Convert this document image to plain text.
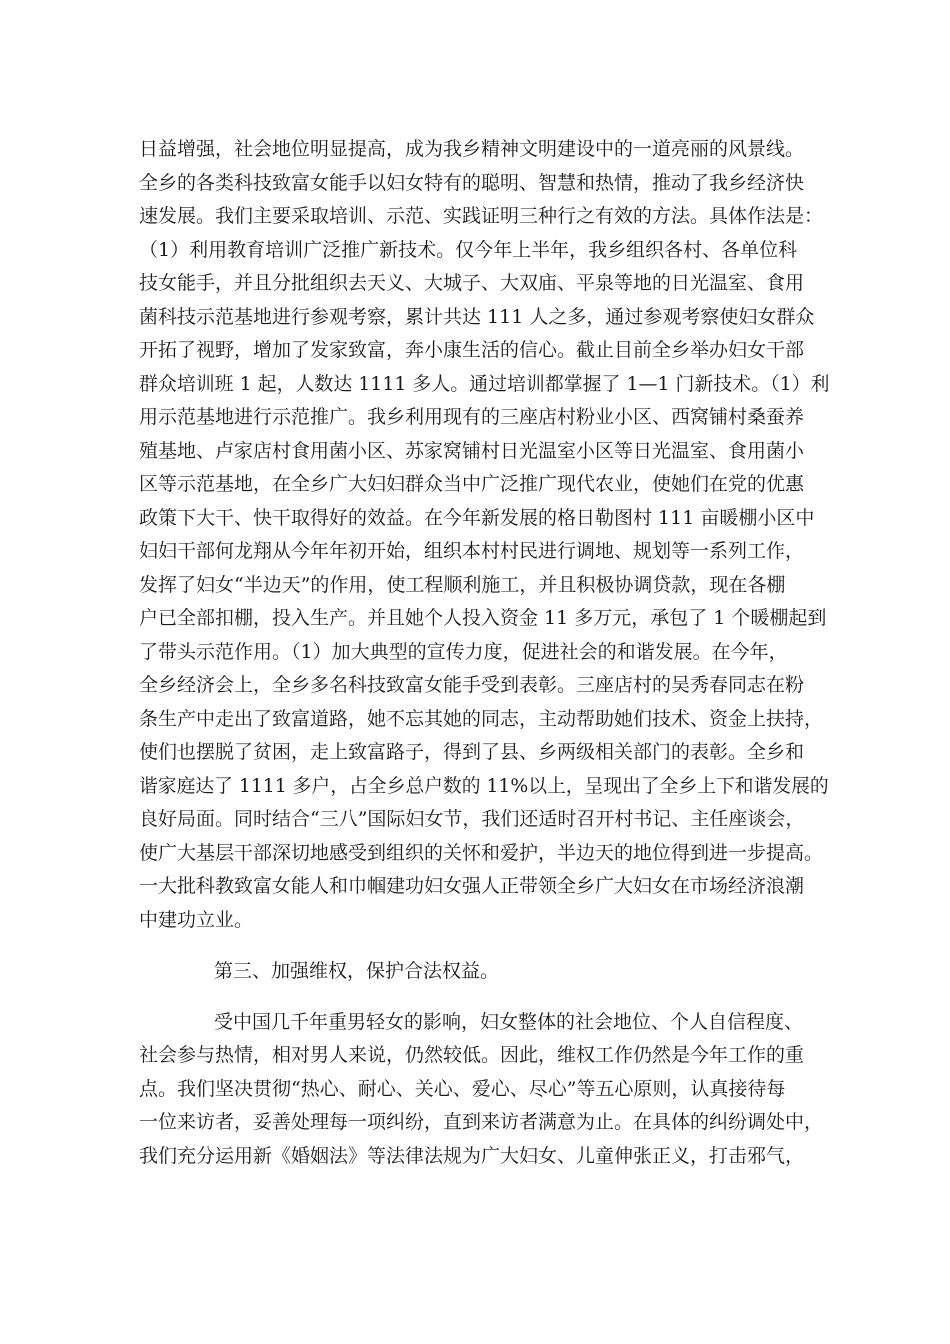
日益增强，社会地位明显提高，成为我乡精神文明建设中的一道亮丽的风景线。
全乡的各类科技致富女能手以妇女特有的聪明、智慧和热情，推动了我乡经济快
速发展。我们主要采取培训、示范、实践证明三种行之有效的方法。具体作法是：
（1）利用教育培训广泛推广新技术。仅今年上半年，我乡组织各村、各单位科
技女能手，并且分批组织去天义、大城子、大双庙、平泉等地的日光温室、食用
菌科技示范基地进行参观考察，累计共达 111 人之多，通过参观考察使妇女群众
开拓了视野，增加了发家致富，奔小康生活的信心。截止目前全乡举办妇女干部
群众培训班 1 起，人数达 1111 多人。通过培训都掌握了 1—1 门新技术。（1）利
用示范基地进行示范推广。我乡利用现有的三座店村粉业小区、西窝铺村桑蚕养
殖基地、卢家店村食用菌小区、苏家窝铺村日光温室小区等日光温室、食用菌小
区等示范基地，在全乡广大妇妇群众当中广泛推广现代农业，使她们在党的优惠
政策下大干、快干取得好的效益。在今年新发展的格日勒图村 111 亩暖棚小区中
妇妇干部何龙翔从今年年初开始，组织本村村民进行调地、规划等一系列工作，
发挥了妇女“半边天”的作用，使工程顺利施工，并且积极协调贷款，现在各棚
户已全部扣棚，投入生产。并且她个人投入资金 11 多万元，承包了 1 个暖棚起到
了带头示范作用。（1）加大典型的宣传力度，促进社会的和谐发展。在今年，
全乡经济会上，全乡多名科技致富女能手受到表彰。三座店村的吴秀春同志在粉
条生产中走出了致富道路，她不忘其她的同志，主动帮助她们技术、资金上扶持，
使们也摆脱了贫困，走上致富路子，得到了县、乡两级相关部门的表彰。全乡和
谐家庭达了 1111 多户，占全乡总户数的 11%以上，呈现出了全乡上下和谐发展的
良好局面。同时结合“三八”国际妇女节，我们还适时召开村书记、主任座谈会，
使广大基层干部深切地感受到组织的关怀和爱护，半边天的地位得到进一步提高。
一大批科教致富女能人和巾帼建功妇女强人正带领全乡广大妇女在市场经济浪潮
中建功立业。
第三、加强维权，保护合法权益。
受中国几千年重男轻女的影响，妇女整体的社会地位、个人自信程度、
社会参与热情，相对男人来说，仍然较低。因此，维权工作仍然是今年工作的重
点。我们坚决贯彻“热心、耐心、关心、爱心、尽心”等五心原则，认真接待每
一位来访者，妥善处理每一项纠纷，直到来访者满意为止。在具体的纠纷调处中，
我们充分运用新《婚姻法》等法律法规为广大妇女、儿童伸张正义，打击邪气，
